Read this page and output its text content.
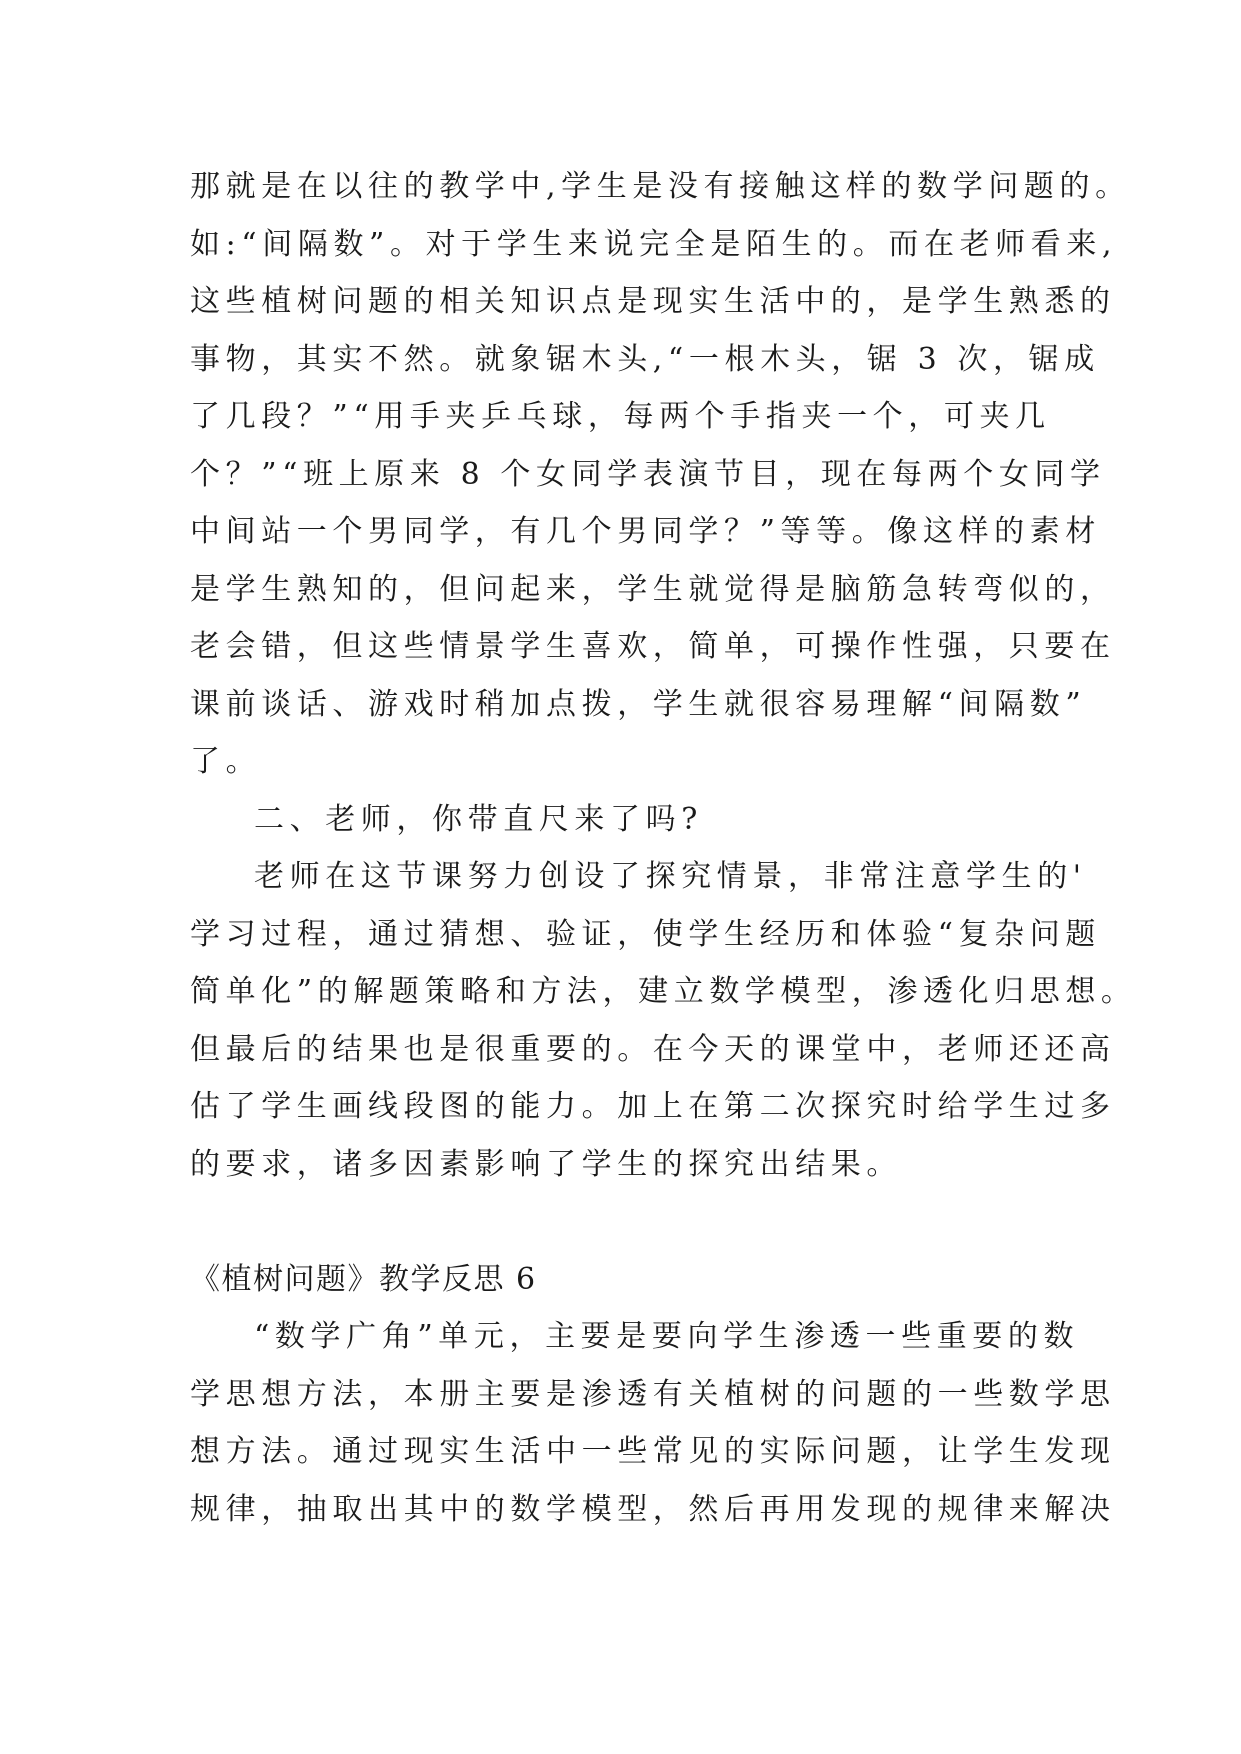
那就是在以往的教学中,学生是没有接触这样的数学问题的。
如:“间隔数”。对于学生来说完全是陌生的。而在老师看来,
这些植树问题的相关知识点是现实生活中的，是学生熟悉的
事物，其实不然。就象锯木头,“一根木头，锯 3 次，锯成
了几段？”“用手夹乒乓球，每两个手指夹一个，可夹几
个？”“班上原来 8 个女同学表演节目，现在每两个女同学
中间站一个男同学，有几个男同学？”等等。像这样的素材
是学生熟知的，但问起来，学生就觉得是脑筋急转弯似的，
老会错，但这些情景学生喜欢，简单，可操作性强，只要在
课前谈话、游戏时稍加点拨，学生就很容易理解“间隔数”
了。
二、老师，你带直尺来了吗?
老师在这节课努力创设了探究情景，非常注意学生的'
学习过程，通过猜想、验证，使学生经历和体验“复杂问题
简单化”的解题策略和方法，建立数学模型，渗透化归思想。
但最后的结果也是很重要的。在今天的课堂中，老师还还高
估了学生画线段图的能力。加上在第二次探究时给学生过多
的要求，诸多因素影响了学生的探究出结果。
《植树问题》教学反思 6
“数学广角”单元，主要是要向学生渗透一些重要的数
学思想方法，本册主要是渗透有关植树的问题的一些数学思
想方法。通过现实生活中一些常见的实际问题，让学生发现
规律，抽取出其中的数学模型，然后再用发现的规律来解决
